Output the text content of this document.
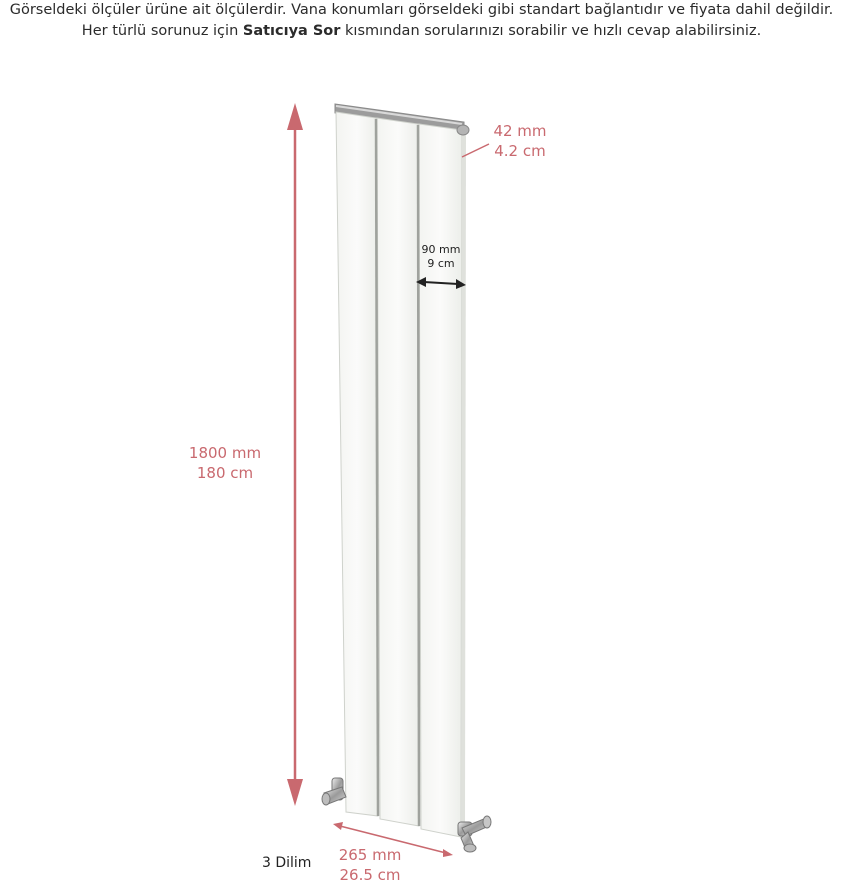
Görseldeki ölçüler ürüne ait ölçülerdir. Vana konumları görseldeki gibi standart bağlantıdır ve fiyata dahil değildir.
Her türlü sorunuz için Satıcıya Sor kısmından sorularınızı sorabilir ve hızlı cevap alabilirsiniz.
1800 mm
180 cm
42 mm
4.2 cm
90 mm
9 cm
265 mm
26.5 cm
3 Dilim
